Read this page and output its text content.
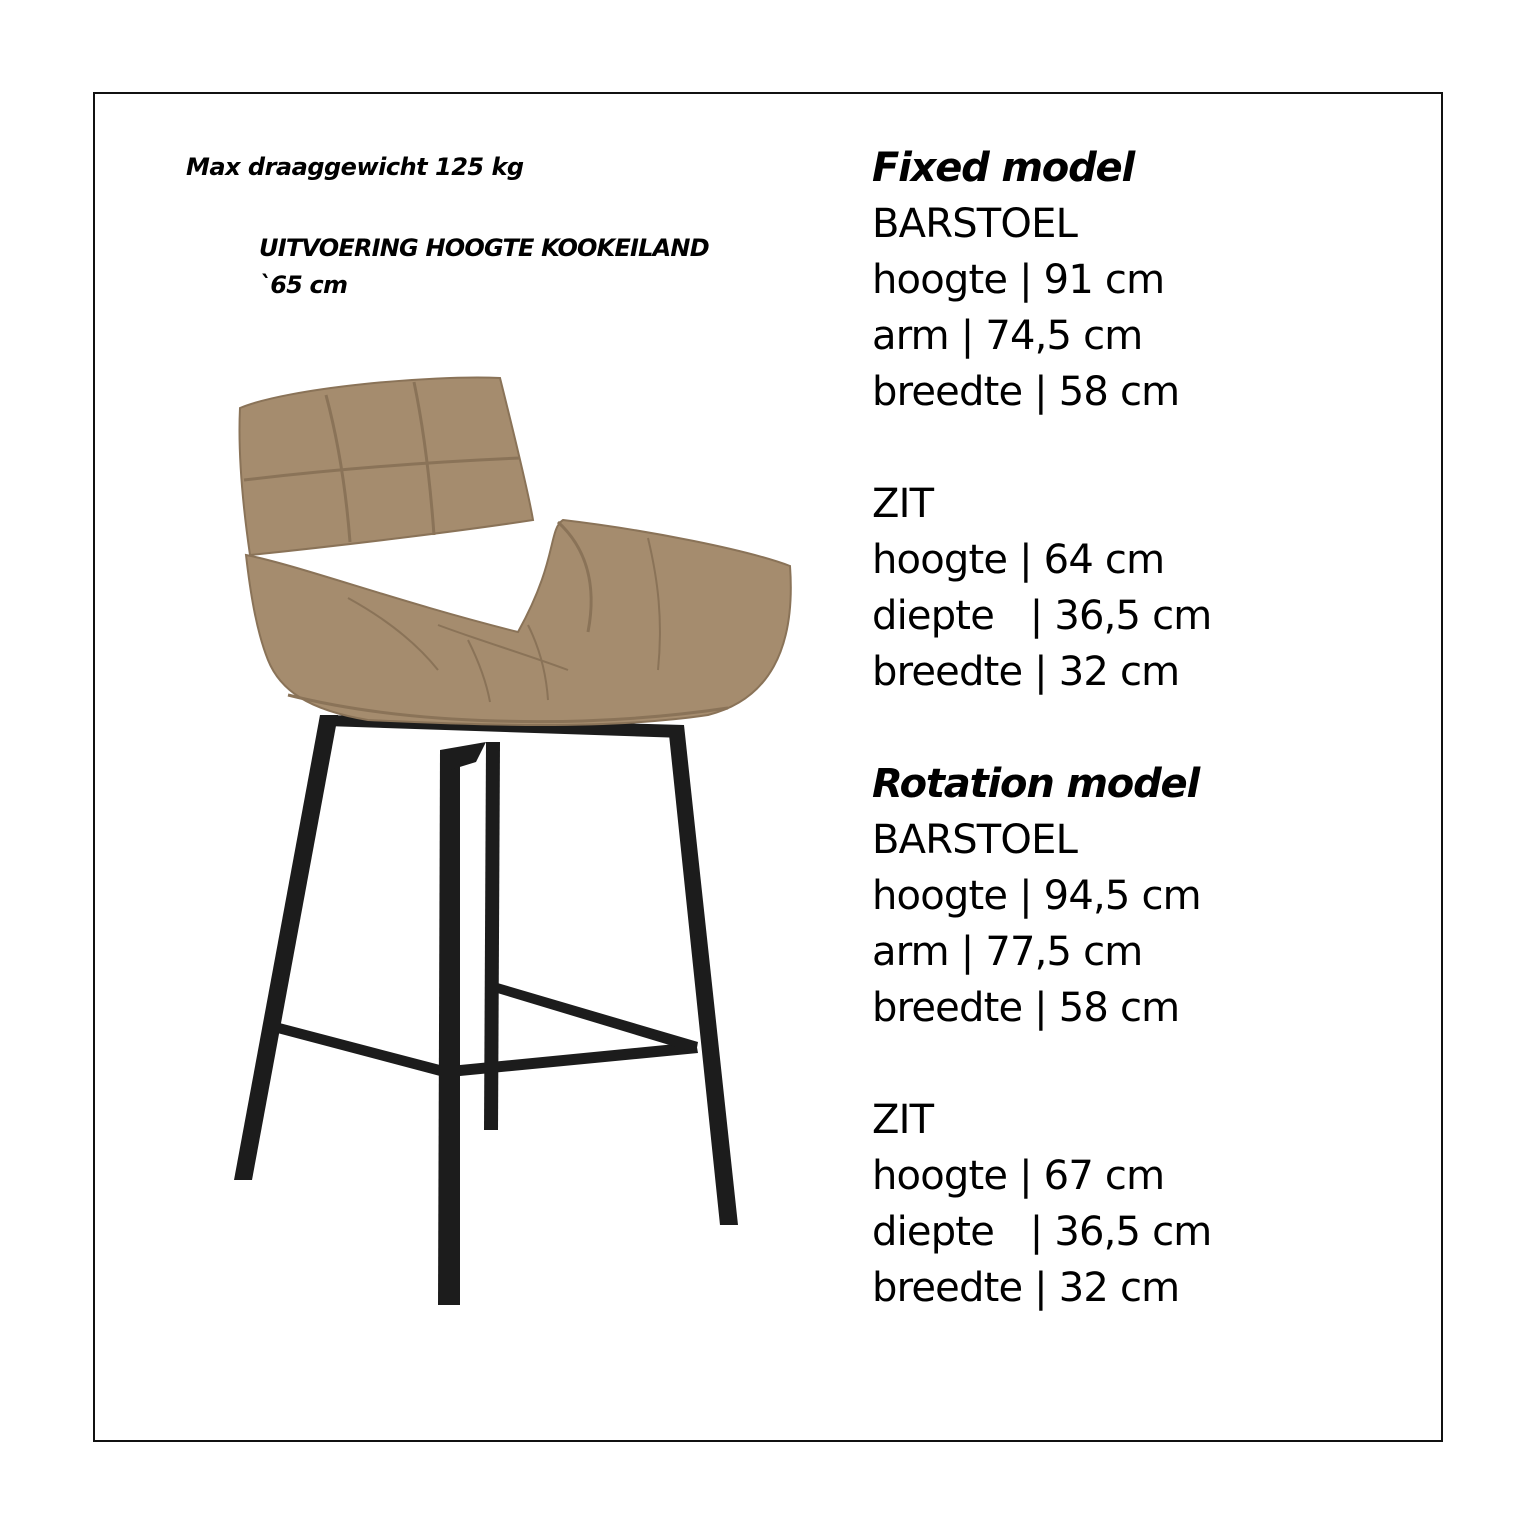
Max draaggewicht 125 kg
UITVOERING HOOGTE KOOKEILAND
`65 cm
Fixed model
BARSTOEL
hoogte | 91 cm
arm | 74,5 cm
breedte | 58 cm
ZIT
hoogte | 64 cm
diepte   | 36,5 cm
breedte | 32 cm
Rotation model
BARSTOEL
hoogte | 94,5 cm
arm | 77,5 cm
breedte | 58 cm
ZIT
hoogte | 67 cm
diepte   | 36,5 cm
breedte | 32 cm
